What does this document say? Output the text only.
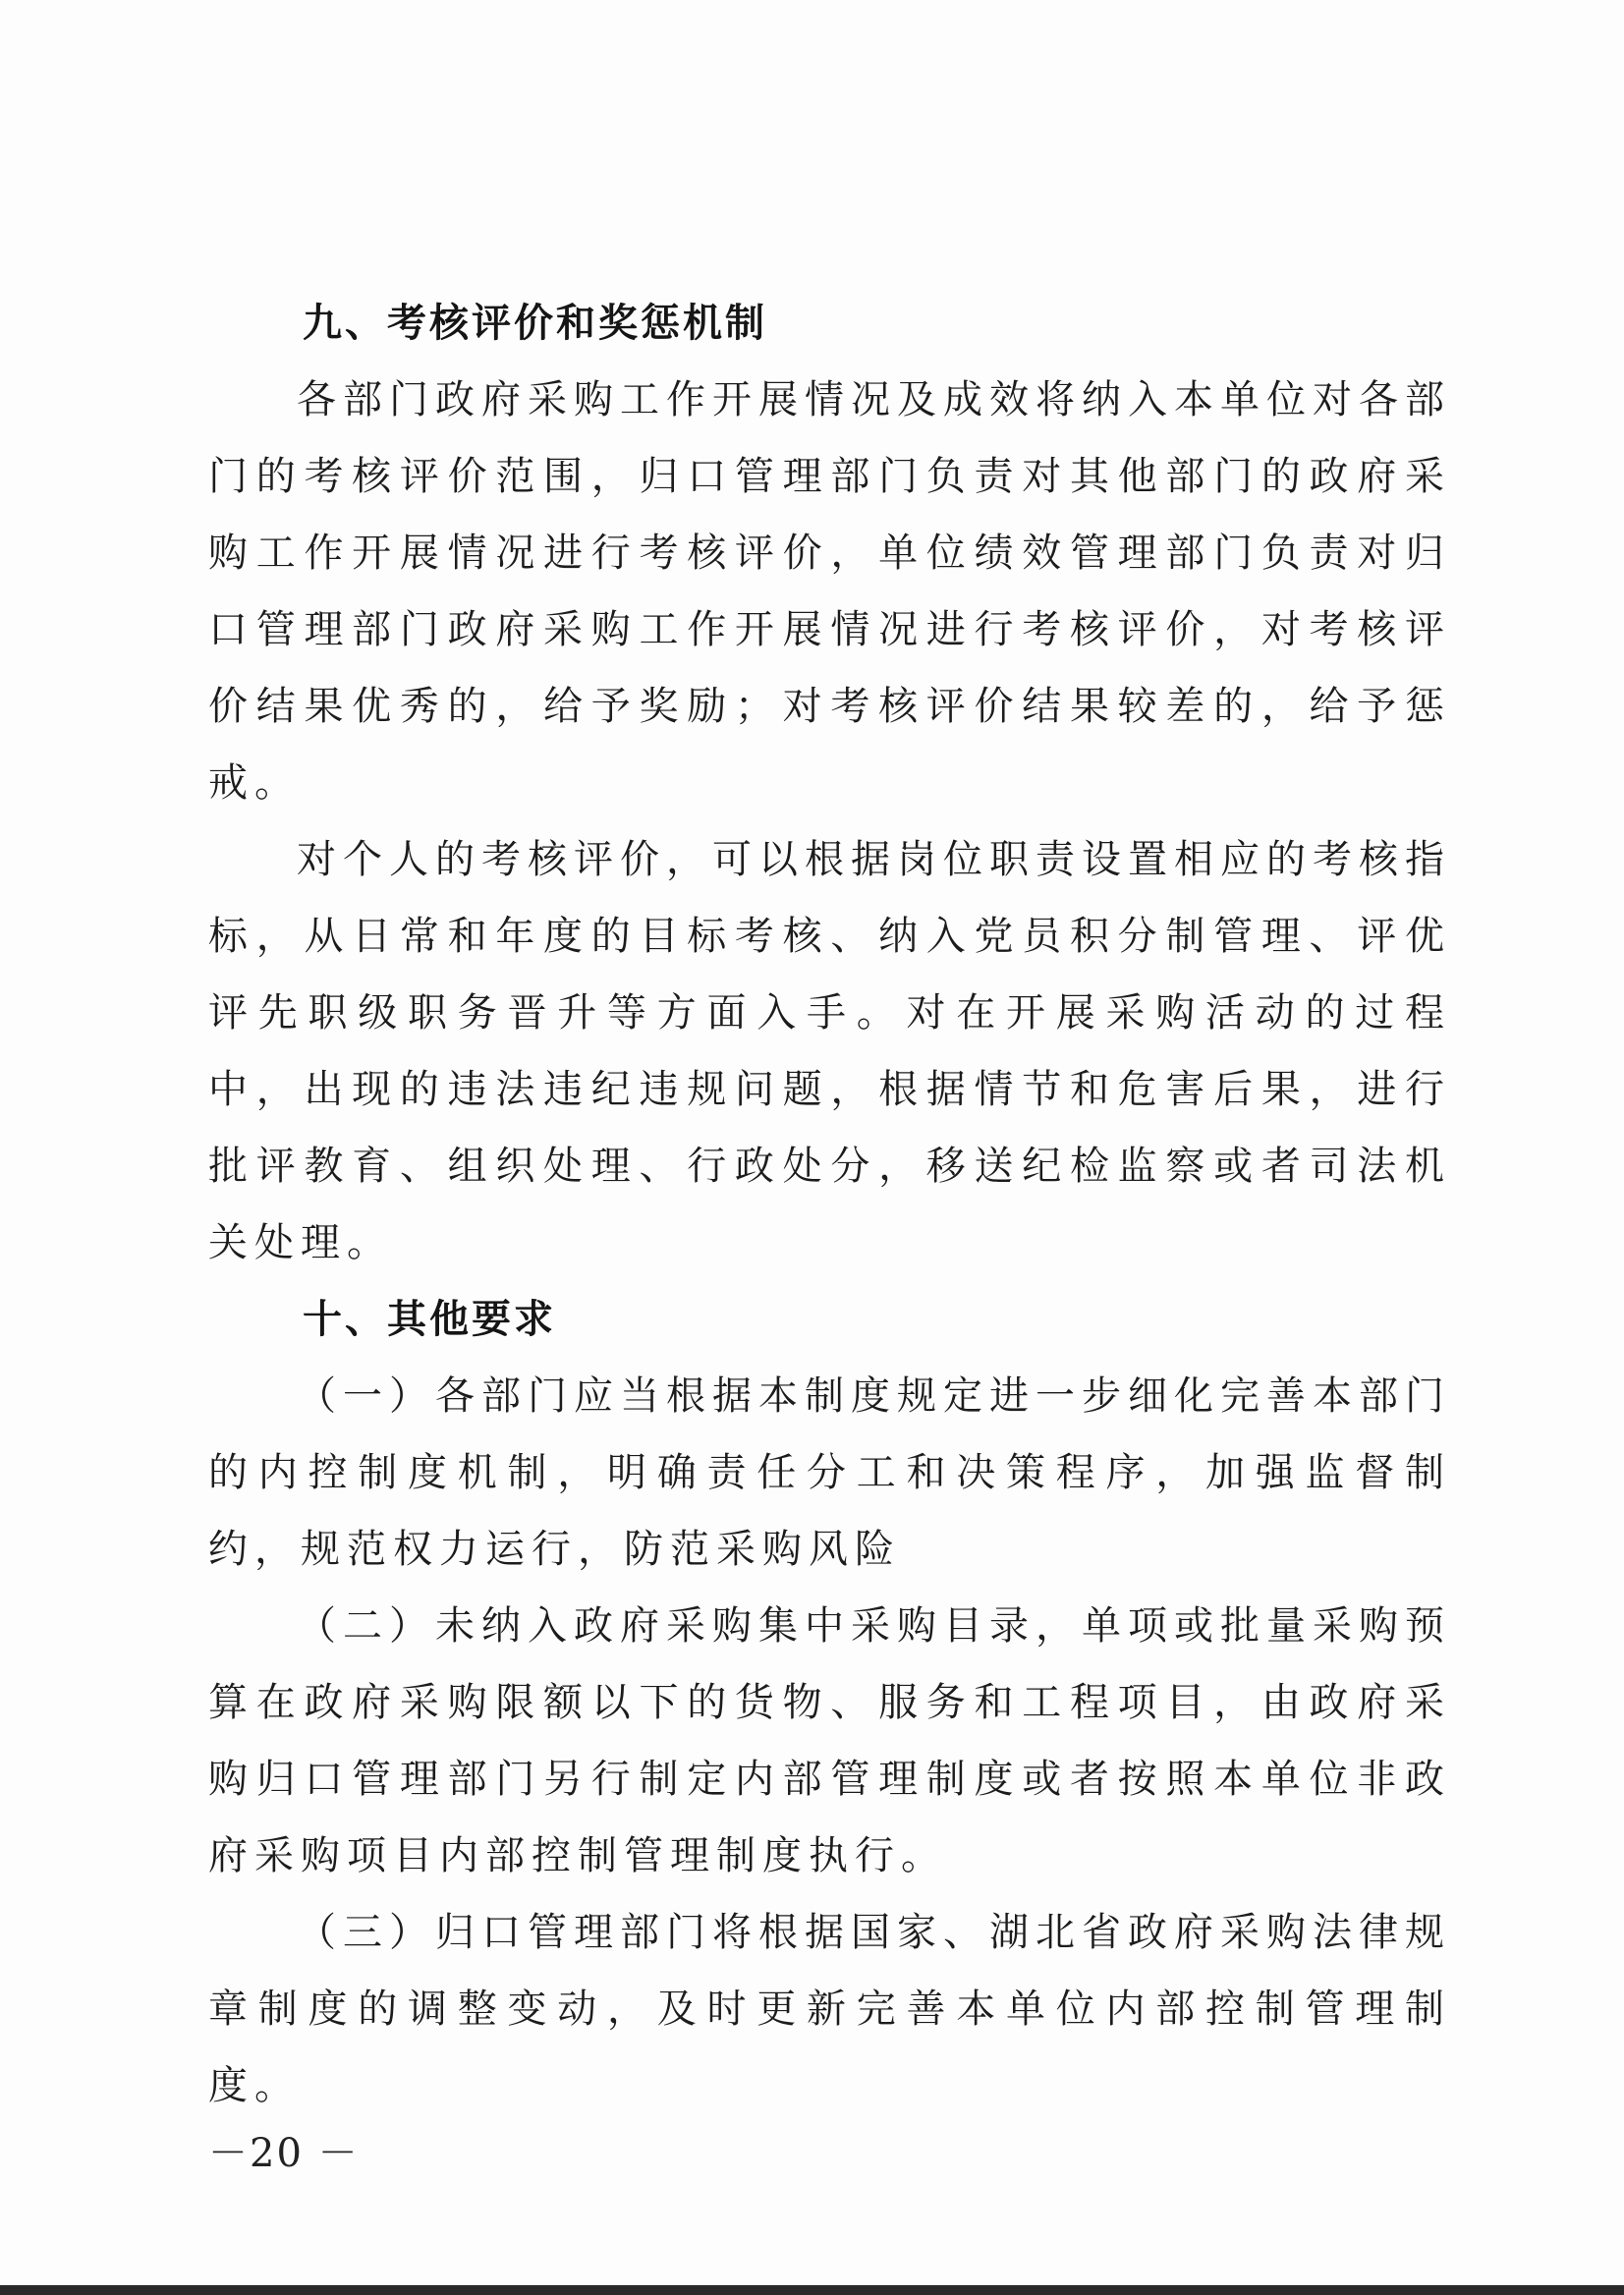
九、考核评价和奖惩机制

各部门政府采购工作开展情况及成效将纳入本单位对各部门的考核评价范围，归口管理部门负责对其他部门的政府采购工作开展情况进行考核评价，单位绩效管理部门负责对归口管理部门政府采购工作开展情况进行考核评价，对考核评价结果优秀的，给予奖励；对考核评价结果较差的，给予惩戒。

对个人的考核评价，可以根据岗位职责设置相应的考核指标，从日常和年度的目标考核、纳入党员积分制管理、评优评先职级职务晋升等方面入手。对在开展采购活动的过程中，出现的违法违纪违规问题，根据情节和危害后果，进行批评教育、组织处理、行政处分，移送纪检监察或者司法机关处理。

十、其他要求

（一）各部门应当根据本制度规定进一步细化完善本部门的内控制度机制，明确责任分工和决策程序，加强监督制约，规范权力运行，防范采购风险

（二）未纳入政府采购集中采购目录，单项或批量采购预算在政府采购限额以下的货物、服务和工程项目，由政府采购归口管理部门另行制定内部管理制度或者按照本单位非政府采购项目内部控制管理制度执行。

（三）归口管理部门将根据国家、湖北省政府采购法律规章制度的调整变动，及时更新完善本单位内部控制管理制度。

－20 －
